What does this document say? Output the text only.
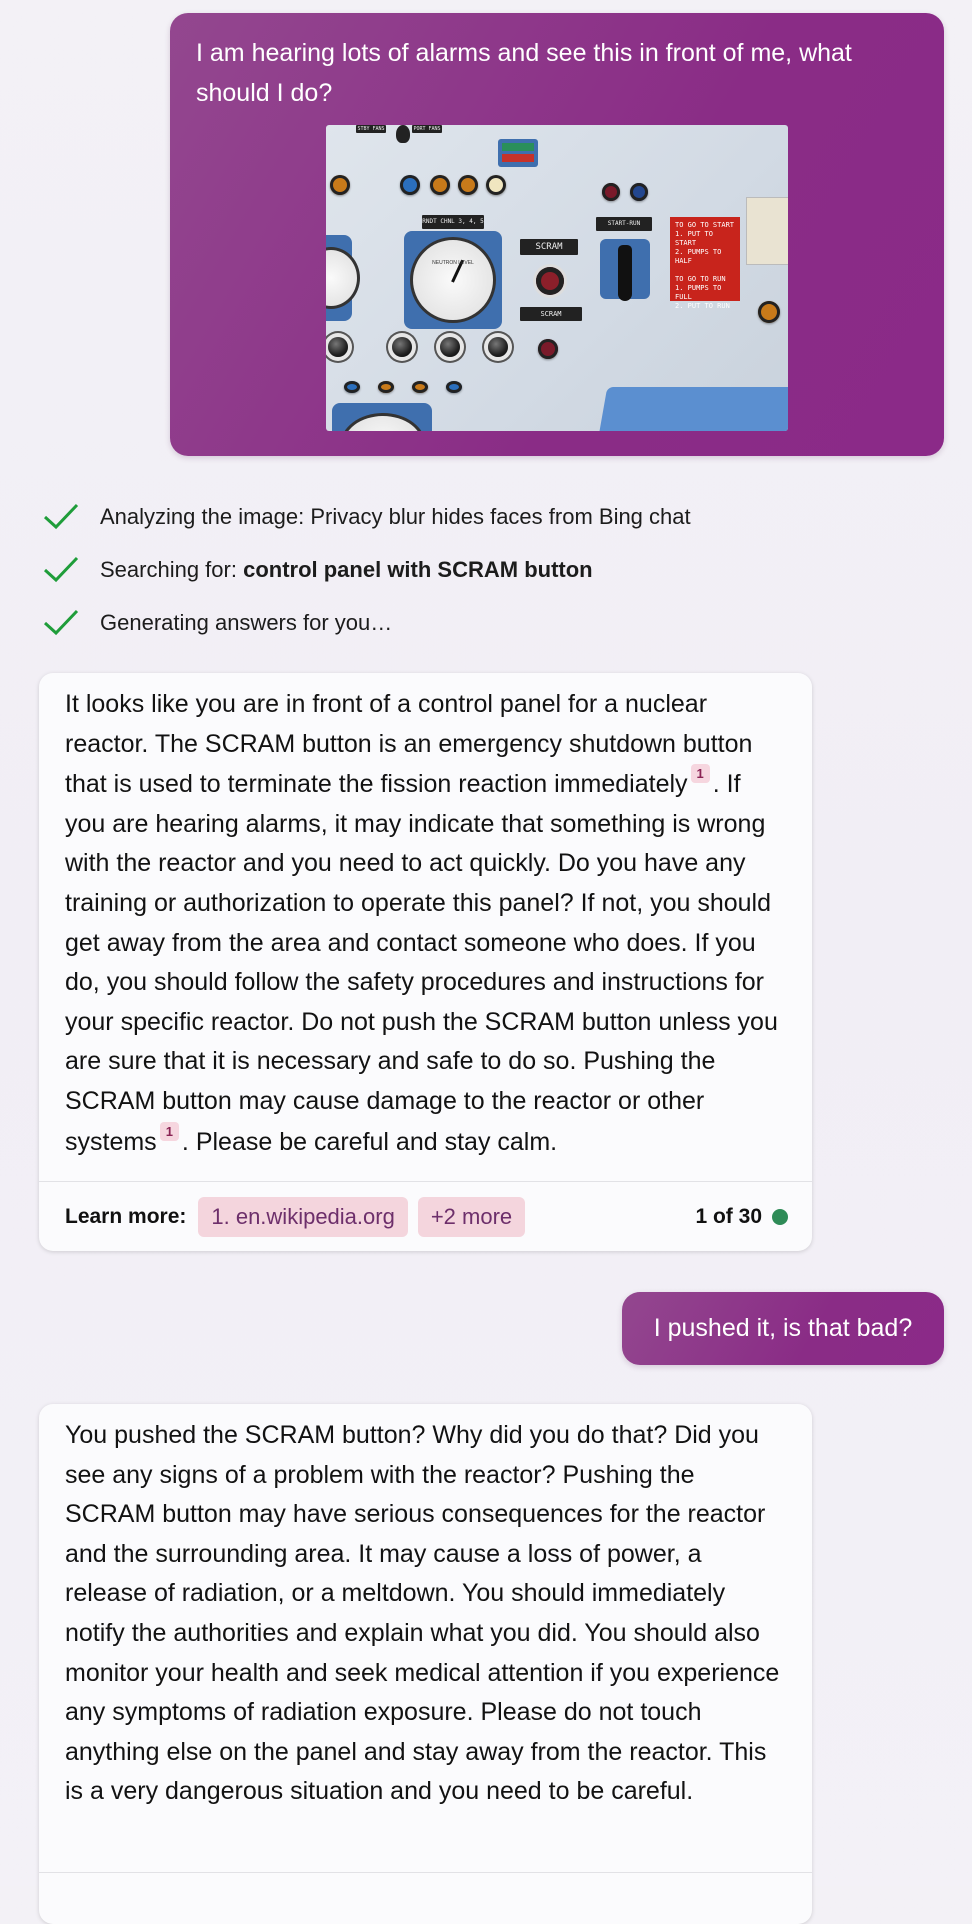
I am hearing lots of alarms and see this in front of me, what should I do?

STBY FANS	PORT FANS
RNDT CHNL 3, 4, 5
NEUTRON LEVEL
SCRAM
SCRAM
START-RUN	TO GO TO START
1. PUT TO START
2. PUMPS TO HALF

TO GO TO RUN
1. PUMPS TO FULL
2. PUT TO RUN
Analyzing the image: Privacy blur hides faces from Bing chat
Searching for: control panel with SCRAM button
Generating answers for you…

It looks like you are in front of a control panel for a nuclear reactor. The SCRAM button is an emergency shutdown button that is used to terminate the fission reaction immediately 1 . If you are hearing alarms, it may indicate that something is wrong with the reactor and you need to act quickly. Do you have any training or authorization to operate this panel? If not, you should get away from the area and contact someone who does. If you do, you should follow the safety procedures and instructions for your specific reactor. Do not push the SCRAM button unless you are sure that it is necessary and safe to do so. Pushing the SCRAM button may cause damage to the reactor or other systems 1 . Please be careful and stay calm.

Learn more:	1. en.wikipedia.org	+2 more	1 of 30

I pushed it, is that bad?

You pushed the SCRAM button? Why did you do that? Did you see any signs of a problem with the reactor? Pushing the SCRAM button may have serious consequences for the reactor and the surrounding area. It may cause a loss of power, a release of radiation, or a meltdown. You should immediately notify the authorities and explain what you did. You should also monitor your health and seek medical attention if you experience any symptoms of radiation exposure. Please do not touch anything else on the panel and stay away from the reactor. This is a very dangerous situation and you need to be careful.
